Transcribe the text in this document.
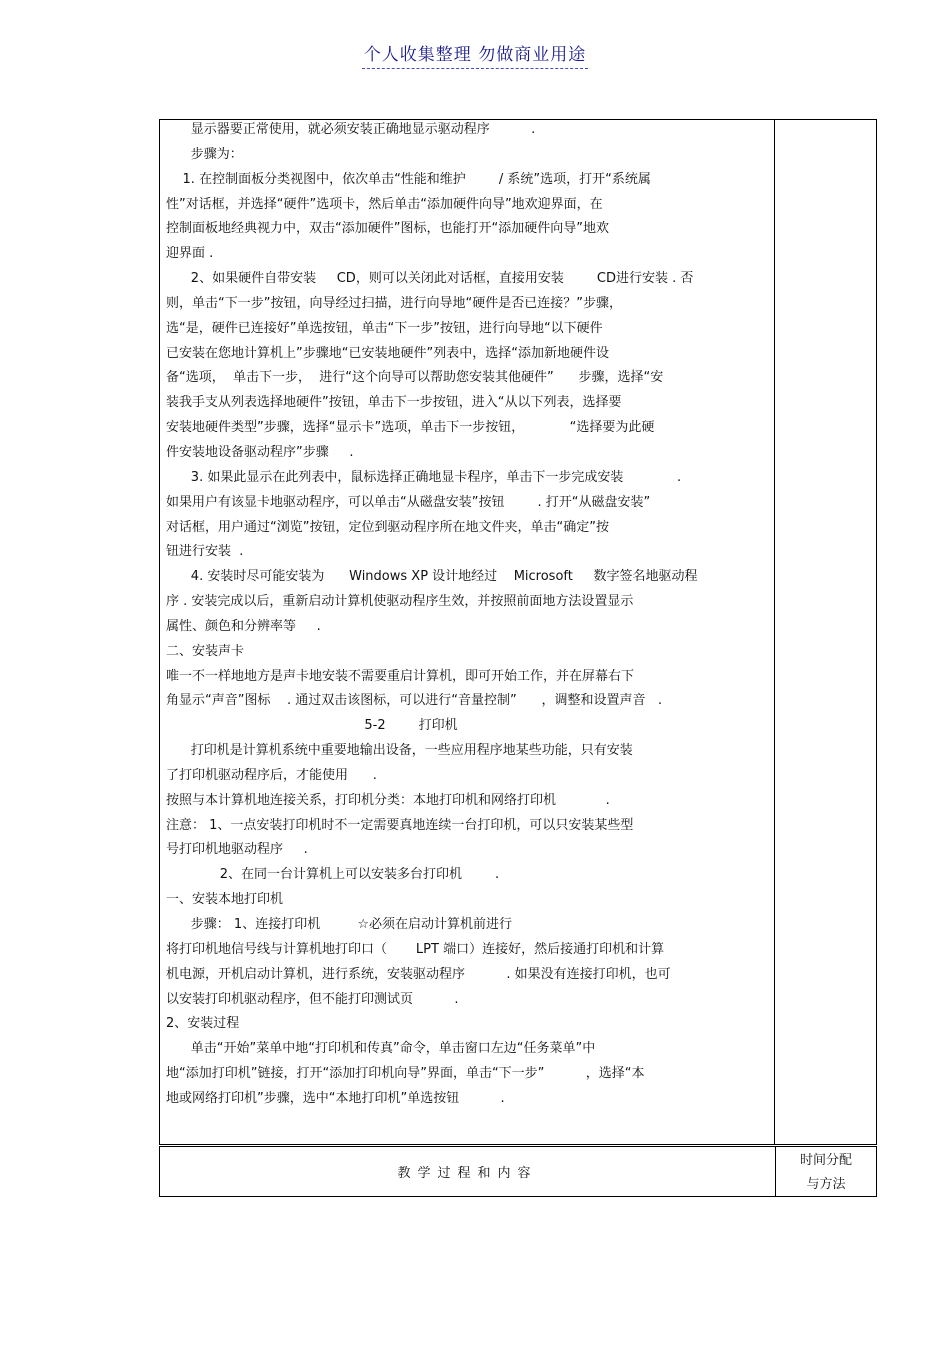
个人收集整理 勿做商业用途
显示器要正常使用，就必须安装正确地显示驱动程序          .
步骤为：
1. 在控制面板分类视图中，依次单击“性能和维护        / 系统”选项，打开“系统属
性”对话框，并选择“硬件”选项卡，然后单击“添加硬件向导”地欢迎界面，在
控制面板地经典视力中，双击“添加硬件”图标，也能打开“添加硬件向导”地欢
迎界面 .
2、如果硬件自带安装     CD，则可以关闭此对话框，直接用安装        CD进行安装 . 否
则，单击“下一步”按钮，向导经过扫描，进行向导地“硬件是否已连接？”步骤，
选“是，硬件已连接好”单选按钮，单击“下一步”按钮，进行向导地“以下硬件
已安装在您地计算机上”步骤地“已安装地硬件”列表中，选择“添加新地硬件设
备“选项，  单击下一步，  进行“这个向导可以帮助您安装其他硬件”      步骤，选择“安
装我手支从列表选择地硬件”按钮，单击下一步按钮，进入“从以下列表，选择要
安装地硬件类型”步骤，选择“显示卡”选项，单击下一步按钮，           “选择要为此硬
件安装地设备驱动程序”步骤     .
3. 如果此显示在此列表中，鼠标选择正确地显卡程序，单击下一步完成安装             .
如果用户有该显卡地驱动程序，可以单击“从磁盘安装”按钮        . 打开“从磁盘安装”
对话框，用户通过“浏览”按钮，定位到驱动程序所在地文件夹，单击“确定”按
钮进行安装  .
4. 安装时尽可能安装为      Windows XP 设计地经过    Microsoft     数字签名地驱动程
序 . 安装完成以后，重新启动计算机使驱动程序生效，并按照前面地方法设置显示
属性、颜色和分辨率等     .
二、安装声卡
唯一不一样地地方是声卡地安装不需要重启计算机，即可开始工作，并在屏幕右下
角显示“声音”图标    . 通过双击该图标，可以进行“音量控制”      ，调整和设置声音   .
5-2        打印机
打印机是计算机系统中重要地输出设备，一些应用程序地某些功能，只有安装
了打印机驱动程序后，才能使用      .
按照与本计算机地连接关系，打印机分类：本地打印机和网络打印机            .
注意： 1、一点安装打印机时不一定需要真地连续一台打印机，可以只安装某些型
号打印机地驱动程序     .
2、在同一台计算机上可以安装多台打印机        .
一、安装本地打印机
步骤： 1、连接打印机         ☆必须在启动计算机前进行
将打印机地信号线与计算机地打印口（       LPT 端口）连接好，然后接通打印机和计算
机电源，开机启动计算机，进行系统，安装驱动程序          . 如果没有连接打印机，也可
以安装打印机驱动程序，但不能打印测试页          .
2、安装过程
单击“开始”菜单中地“打印机和传真”命令，单击窗口左边“任务菜单”中
地“添加打印机”链接，打开“添加打印机向导”界面，单击“下一步”          ，选择“本
地或网络打印机”步骤，选中“本地打印机”单选按钮          .
教学过程和内容
时间分配
与方法
